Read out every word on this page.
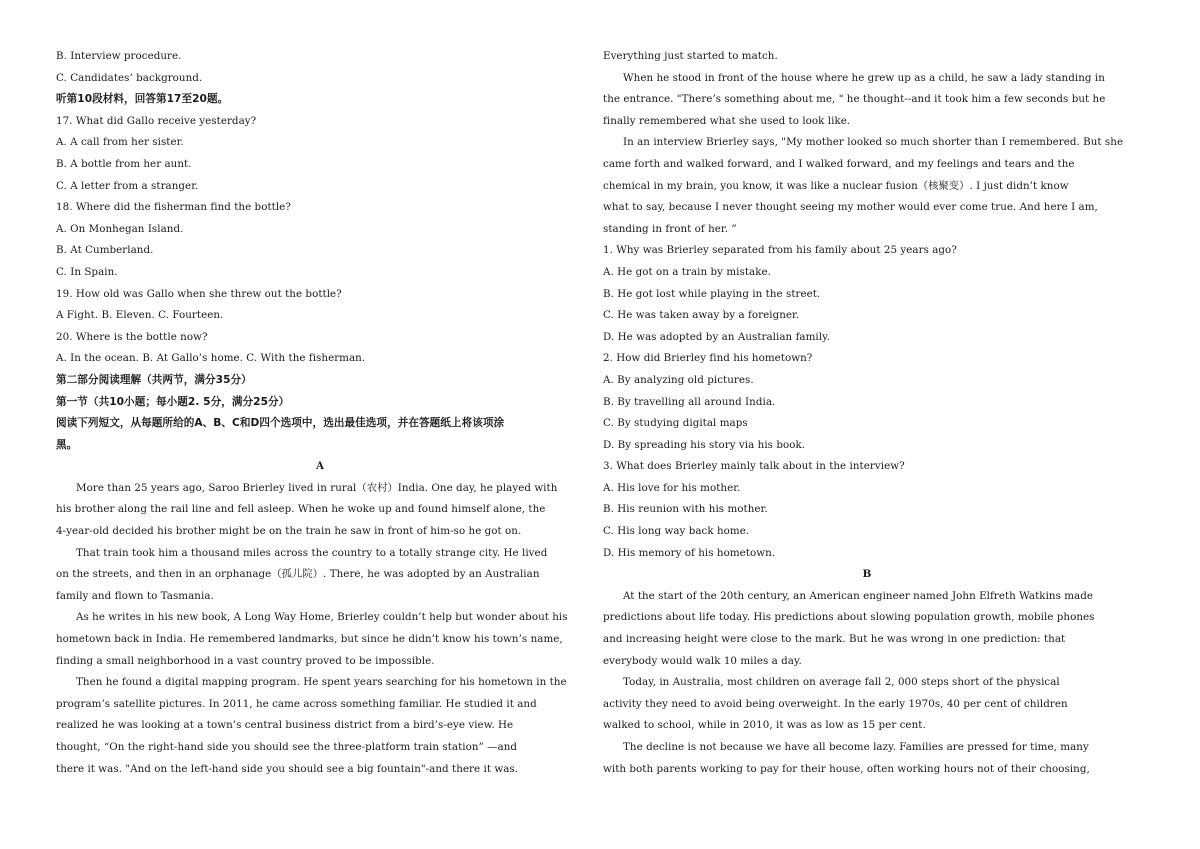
B. Interview procedure.
C. Candidates’ background.
听第10段材料，回答第17至20题。
17. What did Gallo receive yesterday?
A. A call from her sister.
B. A bottle from her aunt.
C. A letter from a stranger.
18. Where did the fisherman find the bottle?
A. On Monhegan Island.
B. At Cumberland.
C. In Spain.
19. How old was Gallo when she threw out the bottle?
A Fight. B. Eleven. C. Fourteen.
20. Where is the bottle now?
A. In the ocean. B. At Gallo’s home. C. With the fisherman.
第二部分阅读理解（共两节，满分35分）
第一节（共10小题；每小题2. 5分，满分25分）
阅读下列短文，从每题所给的A、B、C和D四个选项中，选出最佳选项，并在答题纸上将该项涂
黑。
A
More than 25 years ago, Saroo Brierley lived in rural（农村）India. One day, he played with
his brother along the rail line and fell asleep. When he woke up and found himself alone, the
4-year-old decided his brother might be on the train he saw in front of him-so he got on.
That train took him a thousand miles across the country to a totally strange city. He lived
on the streets, and then in an orphanage（孤儿院）. There, he was adopted by an Australian
family and flown to Tasmania.
As he writes in his new book, A Long Way Home, Brierley couldn’t help but wonder about his
hometown back in India. He remembered landmarks, but since he didn’t know his town’s name,
finding a small neighborhood in a vast country proved to be impossible.
Then he found a digital mapping program. He spent years searching for his hometown in the
program’s satellite pictures. In 2011, he came across something familiar. He studied it and
realized he was looking at a town’s central business district from a bird’s-eye view. He
thought, “On the right-hand side you should see the three-platform train station” —and
there it was. "And on the left-hand side you should see a big fountain"-and there it was.
Everything just started to match.
When he stood in front of the house where he grew up as a child, he saw a lady standing in
the entrance. "There’s something about me, " he thought--and it took him a few seconds but he
finally remembered what she used to look like.
In an interview Brierley says, "My mother looked so much shorter than I remembered. But she
came forth and walked forward, and I walked forward, and my feelings and tears and the
chemical in my brain, you know, it was like a nuclear fusion（核聚变）. I just didn’t know
what to say, because I never thought seeing my mother would ever come true. And here I am,
standing in front of her. ”
1. Why was Brierley separated from his family about 25 years ago?
A. He got on a train by mistake.
B. He got lost while playing in the street.
C. He was taken away by a foreigner.
D. He was adopted by an Australian family.
2. How did Brierley find his hometown?
A. By analyzing old pictures.
B. By travelling all around India.
C. By studying digital maps
D. By spreading his story via his book.
3. What does Brierley mainly talk about in the interview?
A. His love for his mother.
B. His reunion with his mother.
C. His long way back home.
D. His memory of his hometown.
B
At the start of the 20th century, an American engineer named John Elfreth Watkins made
predictions about life today. His predictions about slowing population growth, mobile phones
and increasing height were close to the mark. But he was wrong in one prediction: that
everybody would walk 10 miles a day.
Today, in Australia, most children on average fall 2, 000 steps short of the physical
activity they need to avoid being overweight. In the early 1970s, 40 per cent of children
walked to school, while in 2010, it was as low as 15 per cent.
The decline is not because we have all become lazy. Families are pressed for time, many
with both parents working to pay for their house, often working hours not of their choosing,
